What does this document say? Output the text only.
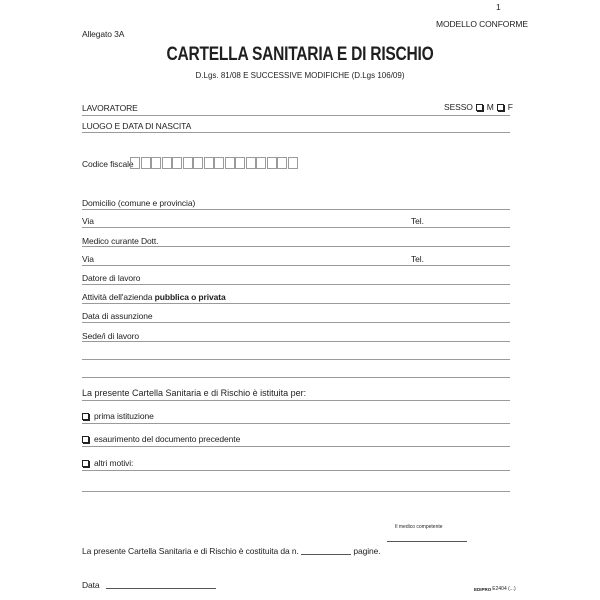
1
MODELLO CONFORME
Allegato 3A
CARTELLA SANITARIA E DI RISCHIO
D.Lgs. 81/08 E SUCCESSIVE MODIFICHE (D.Lgs 106/09)
LAVORATORE	SESSO M F
LUOGO E DATA DI NASCITA
Codice fiscale
Domicilio (comune e provincia)
Via	Tel.
Medico curante Dott.
Via	Tel.
Datore di lavoro
Attività dell'azienda pubblica o privata
Data di assunzione
Sede/i di lavoro
La presente Cartella Sanitaria e di Rischio è istituita per:
prima istituzione
esaurimento del documento precedente
altri motivi:
Il medico competente
La presente Cartella Sanitaria e di Rischio è costituita da n.	pagine.
Data	EDIPRO E2404 (...)
